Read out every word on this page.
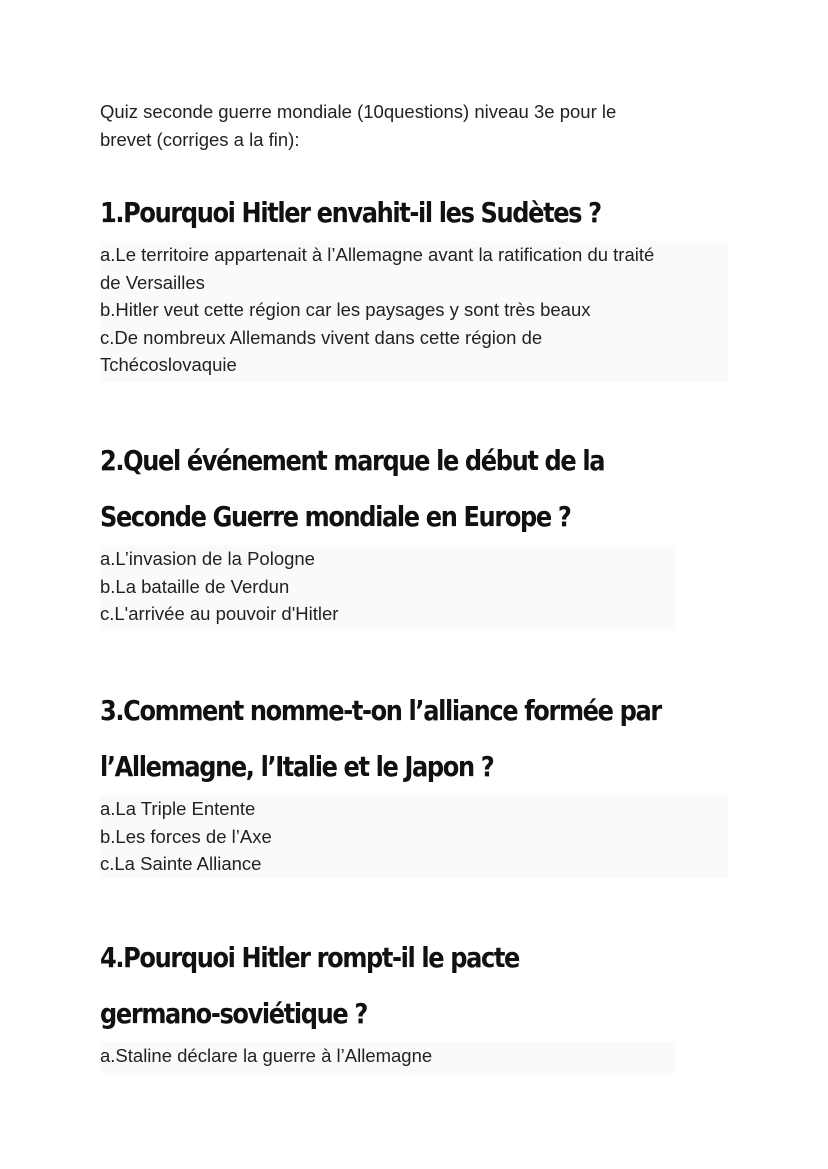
Quiz seconde guerre mondiale (10questions) niveau 3e pour le
brevet (corriges a la fin):
1.Pourquoi Hitler envahit-il les Sudètes ?
a.Le territoire appartenait à l’Allemagne avant la ratification du traité
de Versailles
b.Hitler veut cette région car les paysages y sont très beaux
c.De nombreux Allemands vivent dans cette région de
Tchécoslovaquie
2.Quel événement marque le début de la
Seconde Guerre mondiale en Europe ?
a.L’invasion de la Pologne
b.La bataille de Verdun
c.L'arrivée au pouvoir d'Hitler
3.Comment nomme-t-on l’alliance formée par
l’Allemagne, l’Italie et le Japon ?
a.La Triple Entente
b.Les forces de l’Axe
c.La Sainte Alliance
4.Pourquoi Hitler rompt-il le pacte
germano-soviétique ?
a.Staline déclare la guerre à l’Allemagne
